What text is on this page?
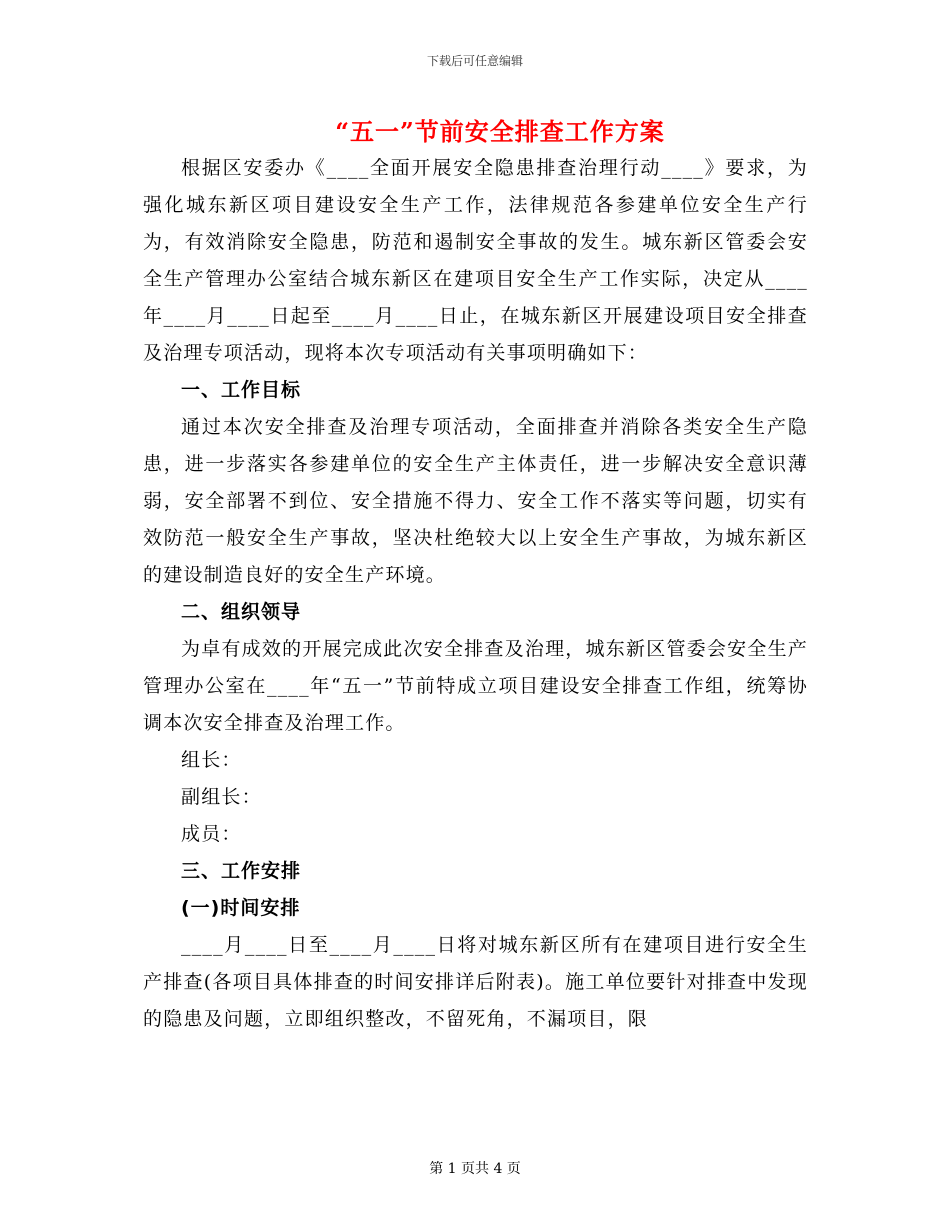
下载后可任意编辑
“五一”节前安全排查工作方案

根据区安委办《____全面开展安全隐患排查治理行动____》要求，为强化城东新区项目建设安全生产工作，法律规范各参建单位安全生产行为，有效消除安全隐患，防范和遏制安全事故的发生。城东新区管委会安全生产管理办公室结合城东新区在建项目安全生产工作实际，决定从____年____月____日起至____月____日止，在城东新区开展建设项目安全排查及治理专项活动，现将本次专项活动有关事项明确如下：

一、工作目标

通过本次安全排查及治理专项活动，全面排查并消除各类安全生产隐患，进一步落实各参建单位的安全生产主体责任，进一步解决安全意识薄弱，安全部署不到位、安全措施不得力、安全工作不落实等问题，切实有效防范一般安全生产事故，坚决杜绝较大以上安全生产事故，为城东新区的建设制造良好的安全生产环境。

二、组织领导

为卓有成效的开展完成此次安全排查及治理，城东新区管委会安全生产管理办公室在____年“五一”节前特成立项目建设安全排查工作组，统筹协调本次安全排查及治理工作。

组长：

副组长：

成员：

三、工作安排

(一)时间安排

____月____日至____月____日将对城东新区所有在建项目进行安全生产排查(各项目具体排查的时间安排详后附表)。施工单位要针对排查中发现的隐患及问题，立即组织整改，不留死角，不漏项目，限

第 1 页共 4 页
